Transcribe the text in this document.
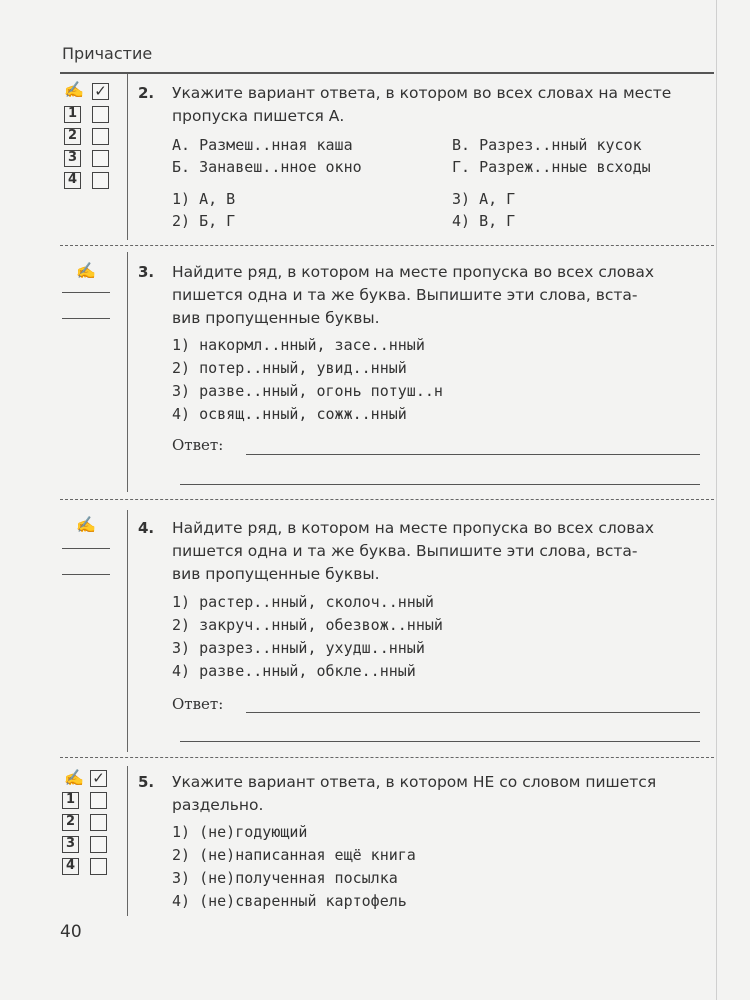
Причастие
✍ ✓
1
2
3
4
2. Укажите вариант ответа, в котором во всех словах на месте
пропуска пишется А.
А. Размеш..нная каша
Б. Занавеш..нное окно
В. Разрез..нный кусок
Г. Разреж..нные всходы
1) А, В
2) Б, Г
3) А, Г
4) В, Г
✍	3. Найдите ряд, в котором на месте пропуска во всех словах
пишется одна и та же буква. Выпишите эти слова, вста-
вив пропущенные буквы.
1) накормл..нный, засе..нный
2) потер..нный, увид..нный
3) разве..нный, огонь потуш..н
4) освящ..нный, сожж..нный
Ответ:
✍	4. Найдите ряд, в котором на месте пропуска во всех словах
пишется одна и та же буква. Выпишите эти слова, вста-
вив пропущенные буквы.
1) растер..нный, сколоч..нный
2) закруч..нный, обезвож..нный
3) разрез..нный, ухудш..нный
4) разве..нный, обкле..нный
Ответ:
✍ ✓
1
2
3
4
5. Укажите вариант ответа, в котором НЕ со словом пишется
раздельно.
1) (не)годующий
2) (не)написанная ещё книга
3) (не)полученная посылка
4) (не)сваренный картофель
40
